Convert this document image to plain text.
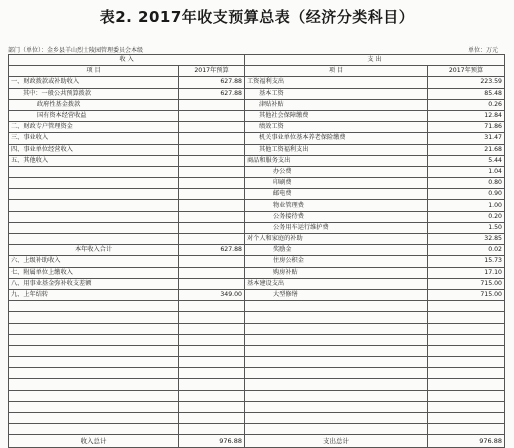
表2. 2017年收支预算总表（经济分类科目）
部门（单位）：金乡县羊山烈士陵园管理委员会本级	单位：万元
收 入		支 出	
项 目	2017年预算	项 目	2017年预算
一、财政拨款或补助收入	627.88	工资福利支出	223.59
其中：一般公共预算拨款	627.88	基本工资	85.48
政府性基金拨款		津贴补贴	0.26
国有资本经营收益		其他社会保障缴费	12.84
二、财政专户管理资金		绩效工资	71.86
三、事业收入		机关事业单位基本养老保险缴费	31.47
四、事业单位经营收入		其他工资福利支出	21.68
五、其他收入		商品和服务支出	5.44
		办公费	1.04
		印刷费	0.80
		邮电费	0.90
		物业管理费	1.00
		公务接待费	0.20
		公务用车运行维护费	1.50
		对个人和家庭的补助	32.85
本年收入合计	627.88	奖励金	0.02
六、上级补助收入		住房公积金	15.73
七、附属单位上缴收入		购房补贴	17.10
八、用事业基金弥补收支差额		基本建设支出	715.00
九、上年结转	349.00	大型修缮	715.00

收入总计	976.88	支出总计	976.88
